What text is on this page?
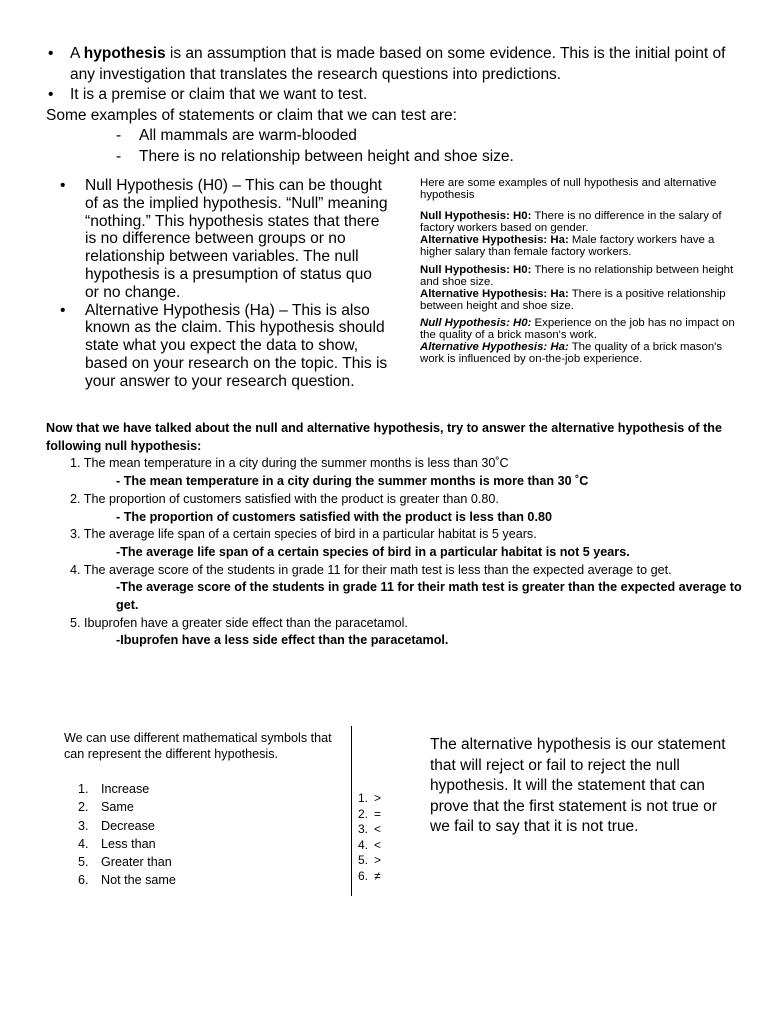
• A hypothesis is an assumption that is made based on some evidence. This is the initial point of any investigation that translates the research questions into predictions.
• It is a premise or claim that we want to test.
Some examples of statements or claim that we can test are:
- All mammals are warm-blooded
- There is no relationship between height and shoe size.
• Null Hypothesis (H0) – This can be thought of as the implied hypothesis. “Null” meaning “nothing.” This hypothesis states that there is no difference between groups or no relationship between variables. The null hypothesis is a presumption of status quo or no change.
• Alternative Hypothesis (Ha) – This is also known as the claim. This hypothesis should state what you expect the data to show, based on your research on the topic. This is your answer to your research question.

Here are some examples of null hypothesis and alternative hypothesis

Null Hypothesis: H0: There is no difference in the salary of factory workers based on gender.

Alternative Hypothesis: Ha: Male factory workers have a higher salary than female factory workers.

Null Hypothesis: H0: There is no relationship between height and shoe size.

Alternative Hypothesis: Ha: There is a positive relationship between height and shoe size.

Null Hypothesis: H0: Experience on the job has no impact on the quality of a brick mason's work.

Alternative Hypothesis: Ha: The quality of a brick mason's work is influenced by on-the-job experience.

Now that we have talked about the null and alternative hypothesis, try to answer the alternative hypothesis of the following null hypothesis:
1. The mean temperature in a city during the summer months is less than 30˚C
- The mean temperature in a city during the summer months is more than 30 ˚C
2. The proportion of customers satisfied with the product is greater than 0.80.
- The proportion of customers satisfied with the product is less than 0.80
3. The average life span of a certain species of bird in a particular habitat is 5 years.
-The average life span of a certain species of bird in a particular habitat is not 5 years.
4. The average score of the students in grade 11 for their math test is less than the expected average to get.
-The average score of the students in grade 11 for their math test is greater than the expected average to get.
5. Ibuprofen have a greater side effect than the paracetamol.
-Ibuprofen have a less side effect than the paracetamol.
We can use different mathematical symbols that can represent the different hypothesis.
1. Increase
2. Same
3. Decrease
4. Less than
5. Greater than
6. Not the same
1. >
2. =
3. <
4. <
5. >
6. ≠
The alternative hypothesis is our statement that will reject or fail to reject the null hypothesis. It will the statement that can prove that the first statement is not true or we fail to say that it is not true.
